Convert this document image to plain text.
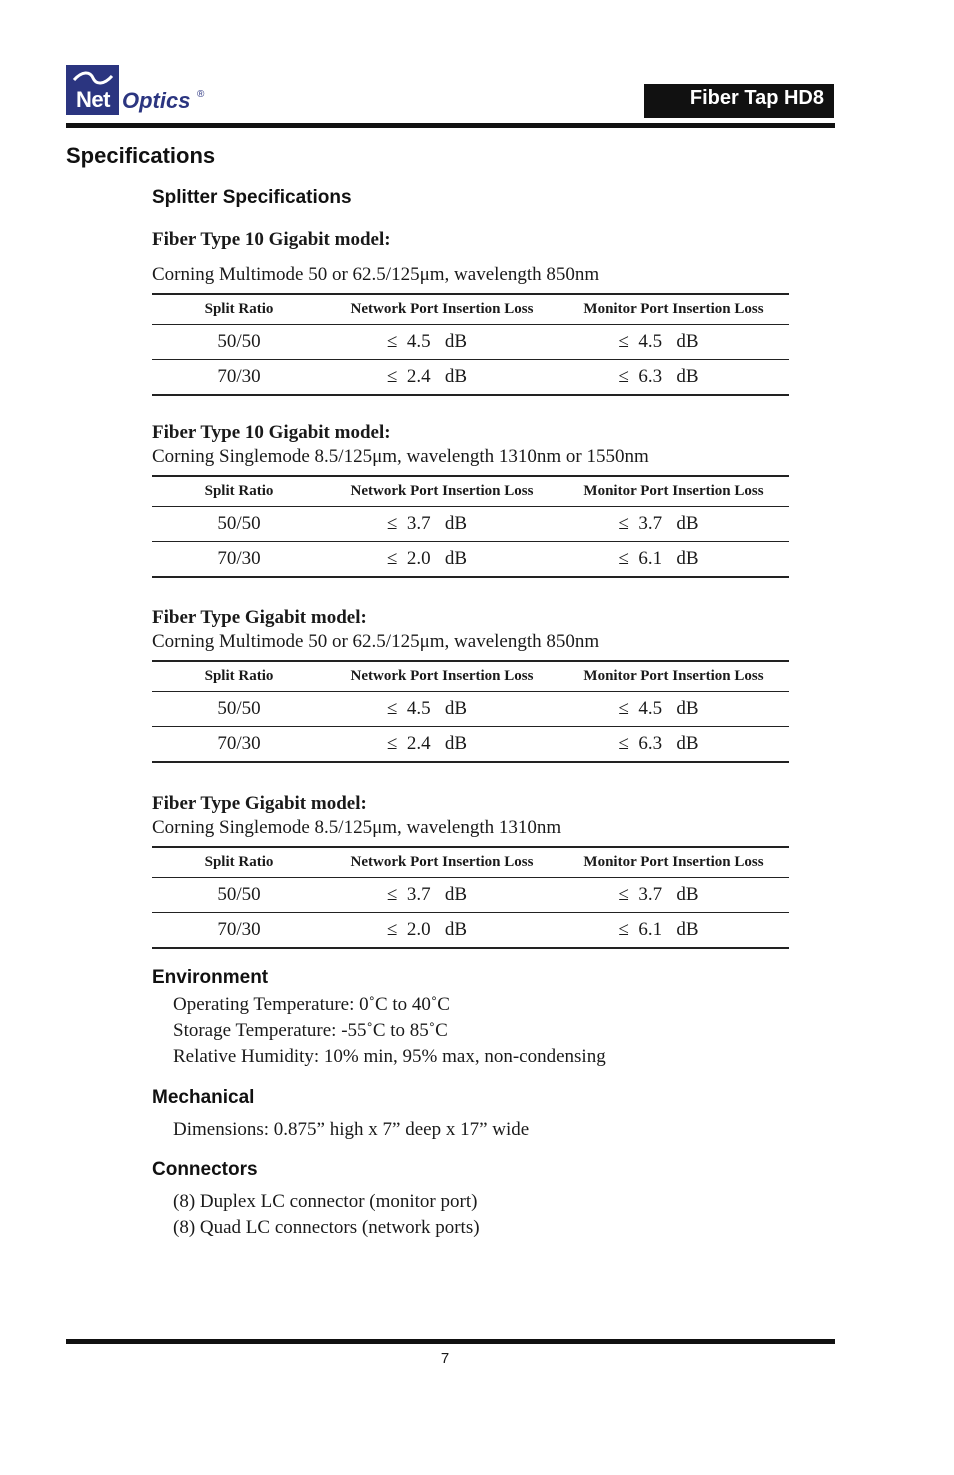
Net Optics ®	Fiber Tap HD8
Specifications
Splitter Specifications
Fiber Type 10 Gigabit model:
Corning Multimode 50 or 62.5/125μm, wavelength 850nm
Split Ratio	Network Port Insertion Loss	Monitor Port Insertion Loss
50/50	≤  4.5   dB	≤  4.5   dB
70/30	≤  2.4   dB	≤  6.3   dB
Fiber Type 10 Gigabit model:
Corning Singlemode 8.5/125μm, wavelength 1310nm or 1550nm
Split Ratio	Network Port Insertion Loss	Monitor Port Insertion Loss
50/50	≤  3.7   dB	≤  3.7   dB
70/30	≤  2.0   dB	≤  6.1   dB
Fiber Type Gigabit model:
Corning Multimode 50 or 62.5/125μm, wavelength 850nm
Split Ratio	Network Port Insertion Loss	Monitor Port Insertion Loss
50/50	≤  4.5   dB	≤  4.5   dB
70/30	≤  2.4   dB	≤  6.3   dB
Fiber Type Gigabit model:
Corning Singlemode 8.5/125μm, wavelength 1310nm
Split Ratio	Network Port Insertion Loss	Monitor Port Insertion Loss
50/50	≤  3.7   dB	≤  3.7   dB
70/30	≤  2.0   dB	≤  6.1   dB
Environment
Operating Temperature: 0˚C to 40˚C
Storage Temperature: -55˚C to 85˚C
Relative Humidity: 10% min, 95% max, non-condensing
Mechanical
Dimensions: 0.875” high x 7” deep x 17” wide
Connectors
(8) Duplex LC connector (monitor port)
(8) Quad LC connectors (network ports)
7
